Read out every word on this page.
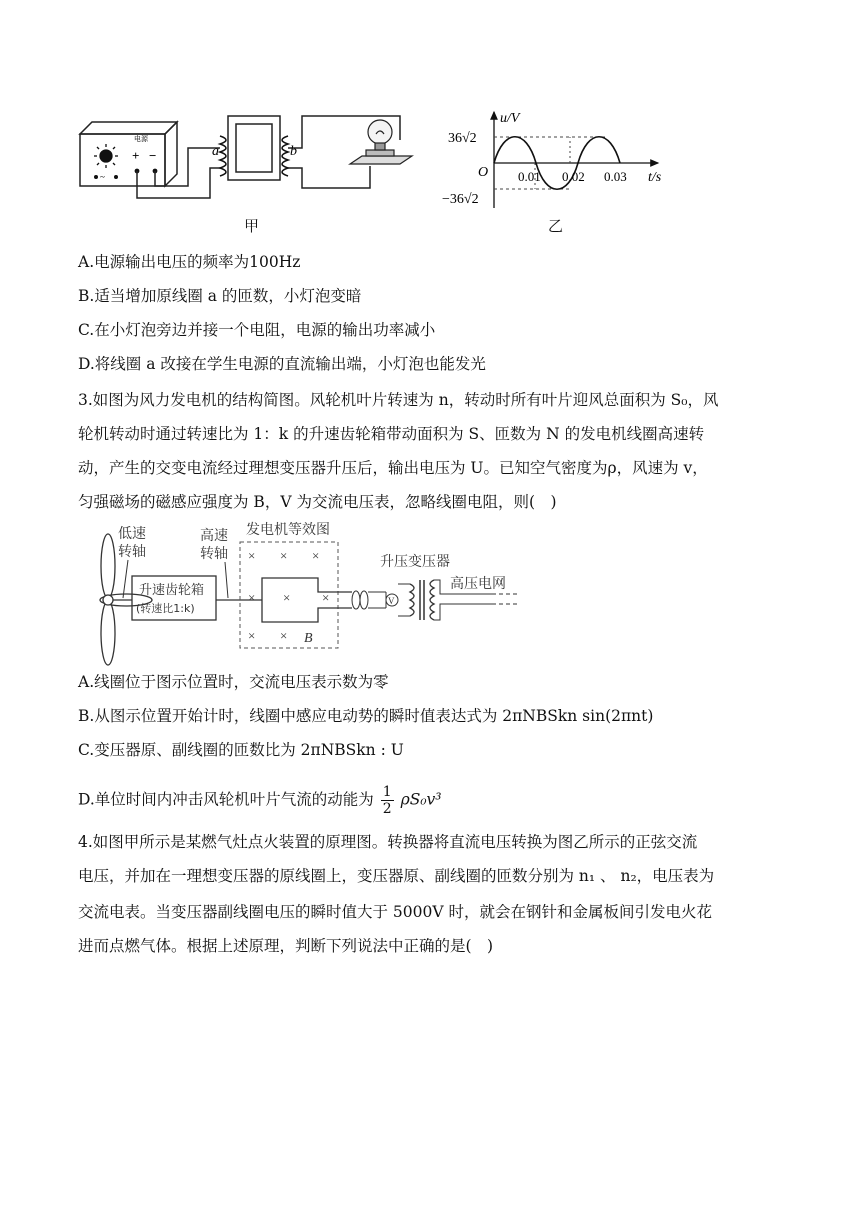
电源
+ −
~
a	b
u/V
t/s
O
36√2
−36√2
0.01 0.02 0.03
甲	乙
A.电源输出电压的频率为100Hz
B.适当增加原线圈 a 的匝数，小灯泡变暗
C.在小灯泡旁边并接一个电阻，电源的输出功率减小
D.将线圈 a 改接在学生电源的直流输出端，小灯泡也能发光
3.如图为风力发电机的结构简图。风轮机叶片转速为 n，转动时所有叶片迎风总面积为 S₀，风
轮机转动时通过转速比为 1：k 的升速齿轮箱带动面积为 S、匝数为 N 的发电机线圈高速转
动，产生的交变电流经过理想变压器升压后，输出电压为 U。已知空气密度为ρ，风速为 v，
匀强磁场的磁感应强度为 B，V 为交流电压表，忽略线圈电阻，则(　)
低速
转轴
升速齿轮箱
(转速比1:k)
高速
转轴
发电机等效图
× × ×
× × ×
× × B
V
升压变压器
高压电网
A.线圈位于图示位置时，交流电压表示数为零
B.从图示位置开始计时，线圈中感应电动势的瞬时值表达式为 2πNBSkn sin(2πnt)
C.变压器原、副线圈的匝数比为 2πNBSkn : U
D.单位时间内冲击风轮机叶片气流的动能为 $\frac{1}{2} \rho S_0v^3$
4.如图甲所示是某燃气灶点火装置的原理图。转换器将直流电压转换为图乙所示的正弦交流
电压，并加在一理想变压器的原线圈上，变压器原、副线圈的匝数分别为 n₁ 、 n₂，电压表为
交流电表。当变压器副线圈电压的瞬时值大于 5000V 时，就会在钢针和金属板间引发电火花
进而点燃气体。根据上述原理，判断下列说法中正确的是(　)
